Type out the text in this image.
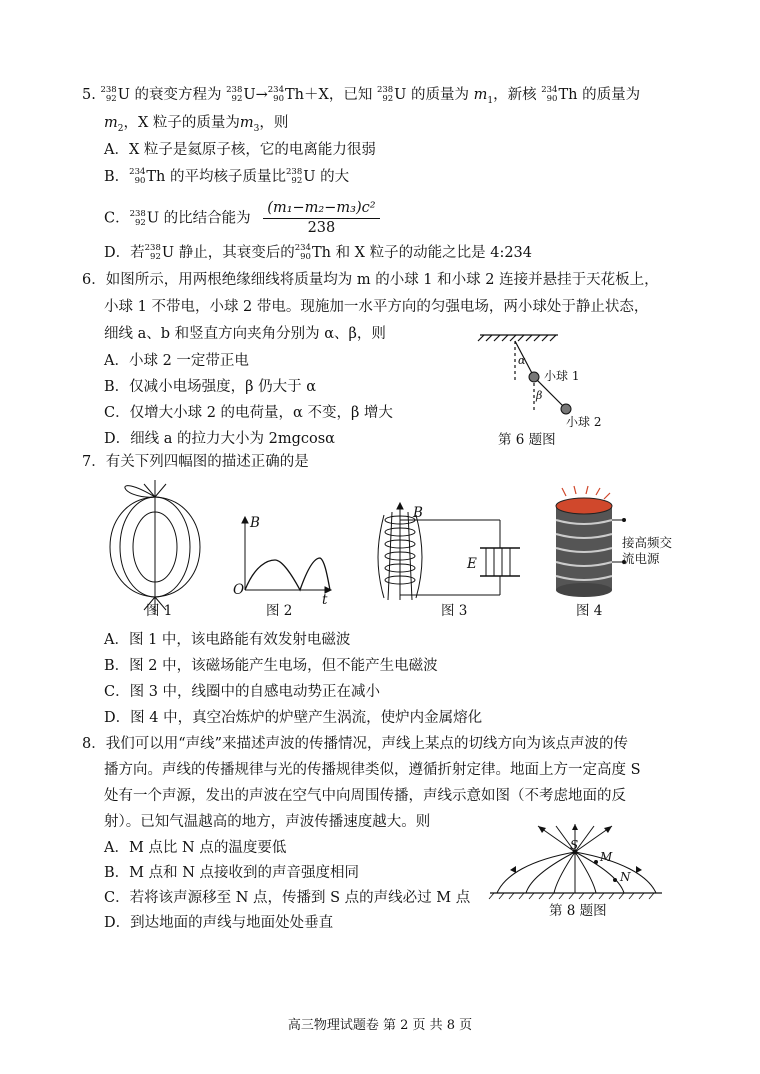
5. 238
92 U 的衰变方程为 238
92 U→ 234
90 Th＋X，已知 238
92 U 的质量为 $m_1$，新核 234
90 Th 的质量为
$m_2$，X 粒子的质量为$m_3$，则
A．X 粒子是氦原子核，它的电离能力很弱
B． 234
90 Th 的平均核子质量比 238
92 U 的大
C． 238
92 U 的比结合能为 $\frac{\text{(m₁−m₂−m₃)c²}}{238}$
D．若 238
92 U 静止，其衰变后的 234
90 Th 和 X 粒子的动能之比是 4:234
6．如图所示，用两根绝缘细线将质量均为 m 的小球 1 和小球 2 连接并悬挂于天花板上，
小球 1 不带电，小球 2 带电。现施加一水平方向的匀强电场，两小球处于静止状态，
细线 a、b 和竖直方向夹角分别为 α、β，则
A．小球 2 一定带正电
B．仅减小电场强度，β 仍大于 α
C．仅增大小球 2 的电荷量，α 不变，β 增大
D．细线 a 的拉力大小为 2mgcosα
α
β
小球 1
小球 2
第 6 题图
7．有关下列四幅图的描述正确的是
B
O
t
B
E
接高频交
流电源
图 1	图 2	图 3	图 4
A．图 1 中，该电路能有效发射电磁波
B．图 2 中，该磁场能产生电场，但不能产生电磁波
C．图 3 中，线圈中的自感电动势正在减小
D．图 4 中，真空冶炼炉的炉壁产生涡流，使炉内金属熔化
8．我们可以用“声线”来描述声波的传播情况，声线上某点的切线方向为该点声波的传
播方向。声线的传播规律与光的传播规律类似，遵循折射定律。地面上方一定高度 S
处有一个声源，发出的声波在空气中向周围传播，声线示意如图（不考虑地面的反
射）。已知气温越高的地方，声波传播速度越大。则
A．M 点比 N 点的温度要低
B．M 点和 N 点接收到的声音强度相同
C．若将该声源移至 N 点，传播到 S 点的声线必过 M 点
D．到达地面的声线与地面处处垂直
S
M
N
第 8 题图
高三物理试题卷 第 2 页 共 8 页
